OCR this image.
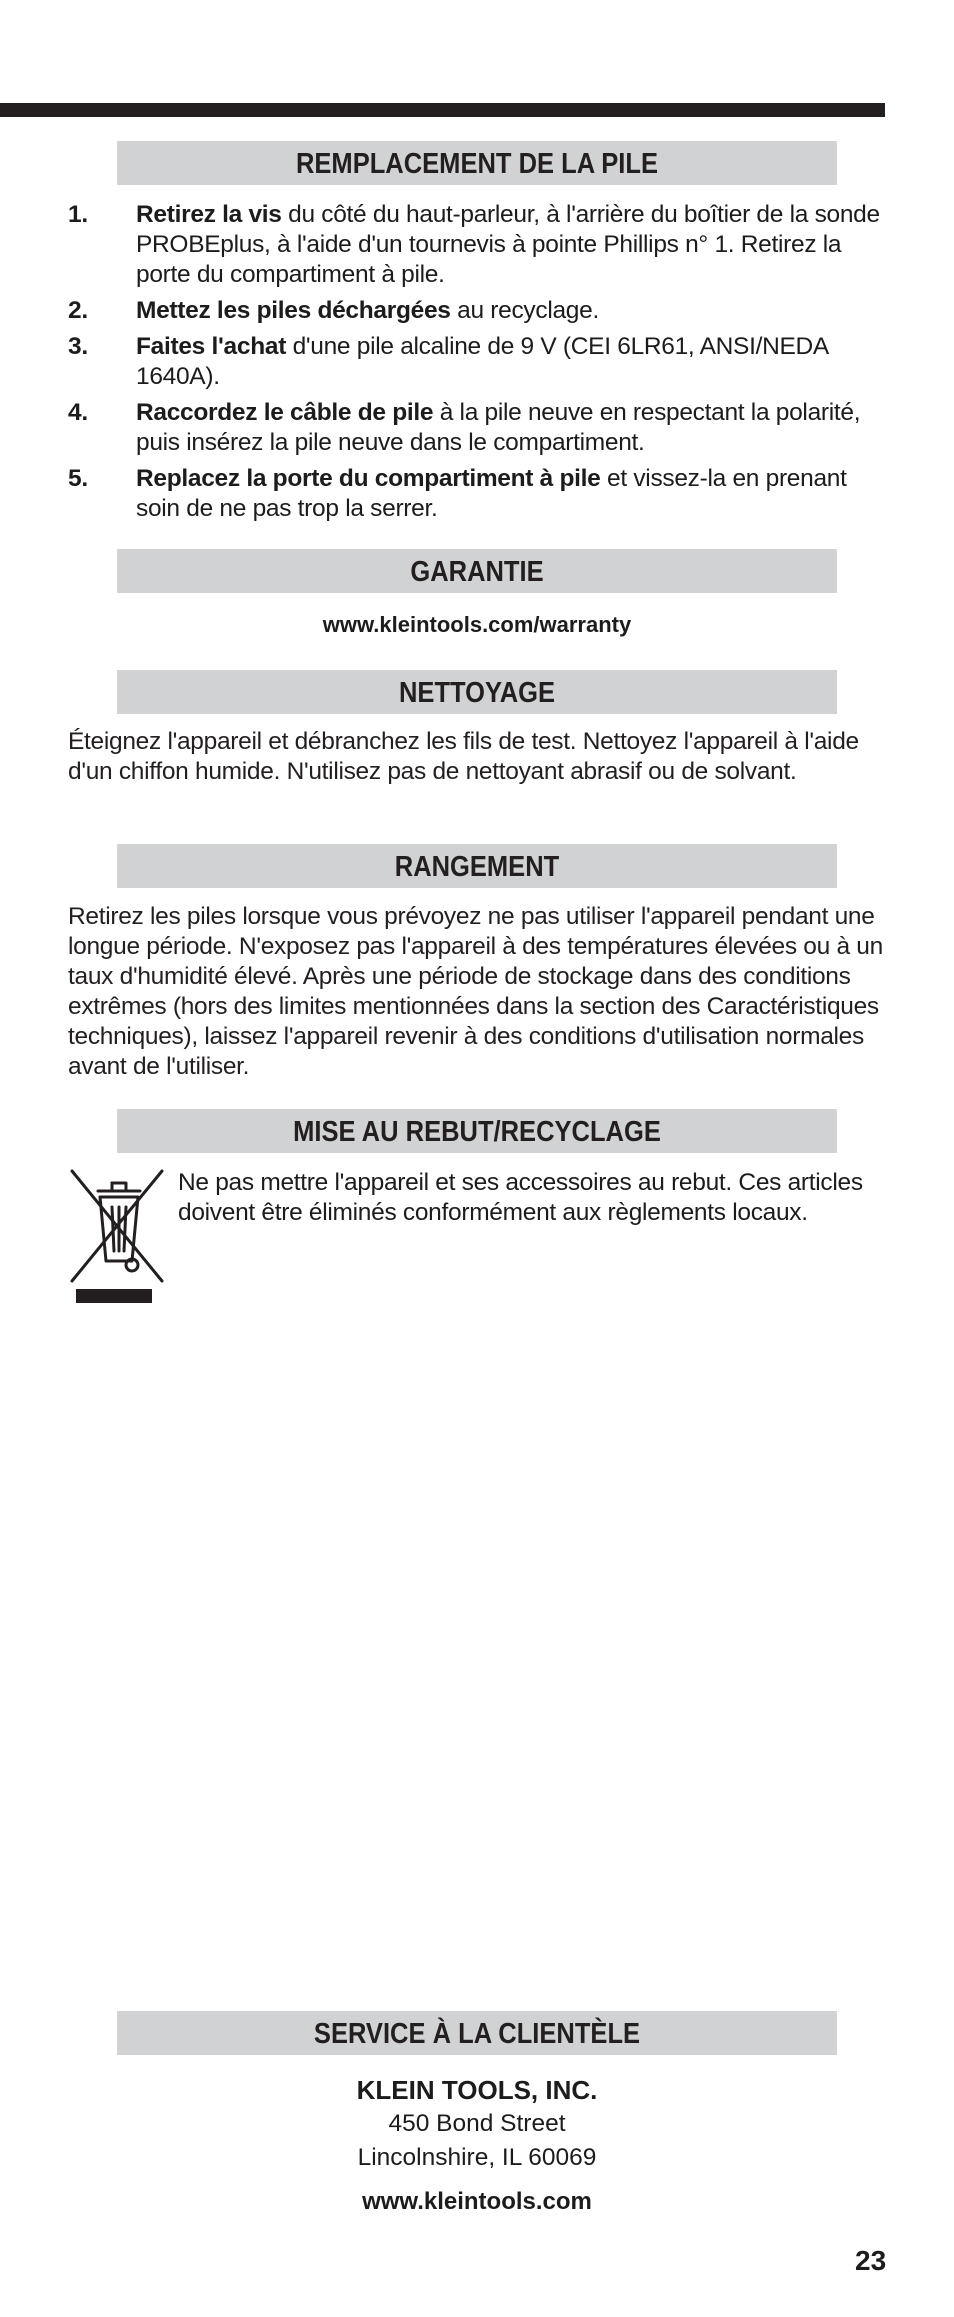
REMPLACEMENT DE LA PILE
1. Retirez la vis du côté du haut-parleur, à l'arrière du boîtier de la sonde PROBEplus, à l'aide d'un tournevis à pointe Phillips n° 1. Retirez la porte du compartiment à pile.
2. Mettez les piles déchargées au recyclage.
3. Faites l'achat d'une pile alcaline de 9 V (CEI 6LR61, ANSI/NEDA 1640A).
4. Raccordez le câble de pile à la pile neuve en respectant la polarité, puis insérez la pile neuve dans le compartiment.
5. Replacez la porte du compartiment à pile et vissez-la en prenant soin de ne pas trop la serrer.
GARANTIE
www.kleintools.com/warranty
NETTOYAGE
Éteignez l'appareil et débranchez les fils de test. Nettoyez l'appareil à l'aide d'un chiffon humide. N'utilisez pas de nettoyant abrasif ou de solvant.
RANGEMENT
Retirez les piles lorsque vous prévoyez ne pas utiliser l'appareil pendant une longue période. N'exposez pas l'appareil à des températures élevées ou à un taux d'humidité élevé. Après une période de stockage dans des conditions extrêmes (hors des limites mentionnées dans la section des Caractéristiques techniques), laissez l'appareil revenir à des conditions d'utilisation normales avant de l'utiliser.
MISE AU REBUT/RECYCLAGE
Ne pas mettre l'appareil et ses accessoires au rebut. Ces articles doivent être éliminés conformément aux règlements locaux.
SERVICE À LA CLIENTÈLE
KLEIN TOOLS, INC.
450 Bond Street
Lincolnshire, IL 60069
www.kleintools.com
23
